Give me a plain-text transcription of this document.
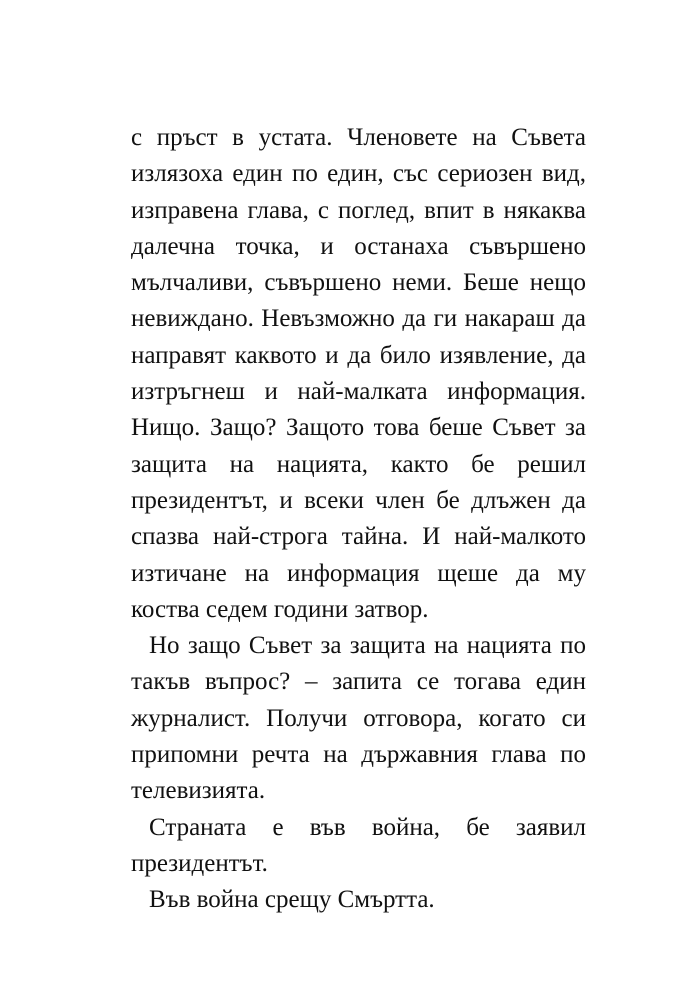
с пръст в устата. Членовете на Съвета излязоха един по един, със сериозен вид, изправена глава, с поглед, впит в някаква далечна точка, и останаха съвършено мълчаливи, съвършено неми. Беше нещо невиждано. Невъзможно да ги накараш да направят каквото и да било изявление, да изтръгнеш и най-малката информация. Нищо. Защо? Защото това беше Съвет за защита на нацията, както бе решил президентът, и всеки член бе длъжен да спазва най-строга тайна. И най-малкото изтичане на информация щеше да му коства седем години затвор.

Но защо Съвет за защита на нацията по такъв въпрос? – запита се тогава един журналист. Получи отговора, когато си припомни речта на държавния глава по телевизията.

Страната е във война, бе заявил президентът.

Във война срещу Смъртта.
